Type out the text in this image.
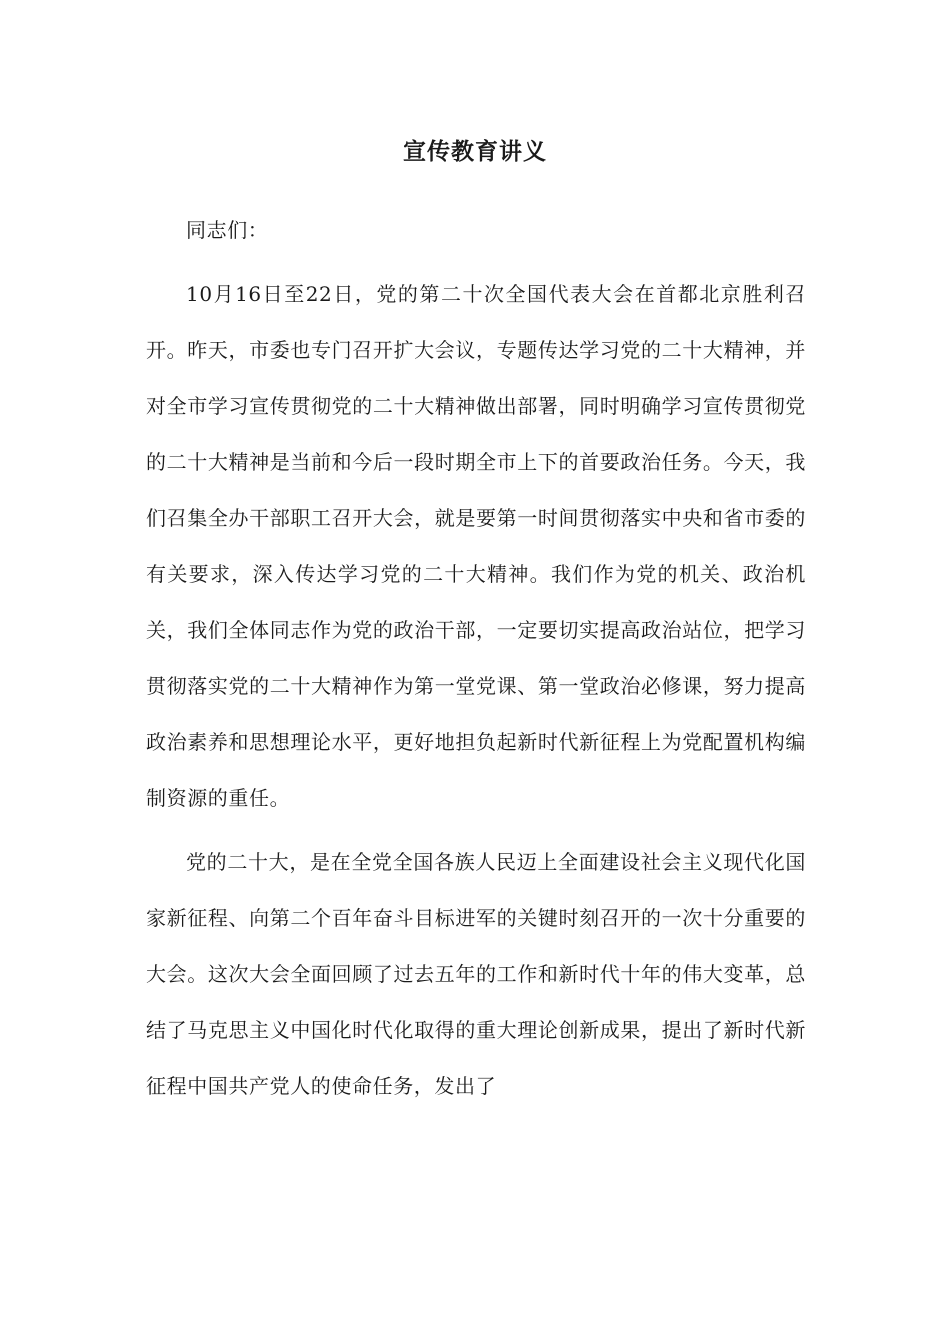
宣传教育讲义

同志们：

10月16日至22日，党的第二十次全国代表大会在首都北京胜利召开。昨天，市委也专门召开扩大会议，专题传达学习党的二十大精神，并对全市学习宣传贯彻党的二十大精神做出部署，同时明确学习宣传贯彻党的二十大精神是当前和今后一段时期全市上下的首要政治任务。今天，我们召集全办干部职工召开大会，就是要第一时间贯彻落实中央和省市委的有关要求，深入传达学习党的二十大精神。我们作为党的机关、政治机关，我们全体同志作为党的政治干部，一定要切实提高政治站位，把学习贯彻落实党的二十大精神作为第一堂党课、第一堂政治必修课，努力提高政治素养和思想理论水平，更好地担负起新时代新征程上为党配置机构编制资源的重任。

党的二十大，是在全党全国各族人民迈上全面建设社会主义现代化国家新征程、向第二个百年奋斗目标进军的关键时刻召开的一次十分重要的大会。这次大会全面回顾了过去五年的工作和新时代十年的伟大变革，总结了马克思主义中国化时代化取得的重大理论创新成果，提出了新时代新征程中国共产党人的使命任务，发出了
